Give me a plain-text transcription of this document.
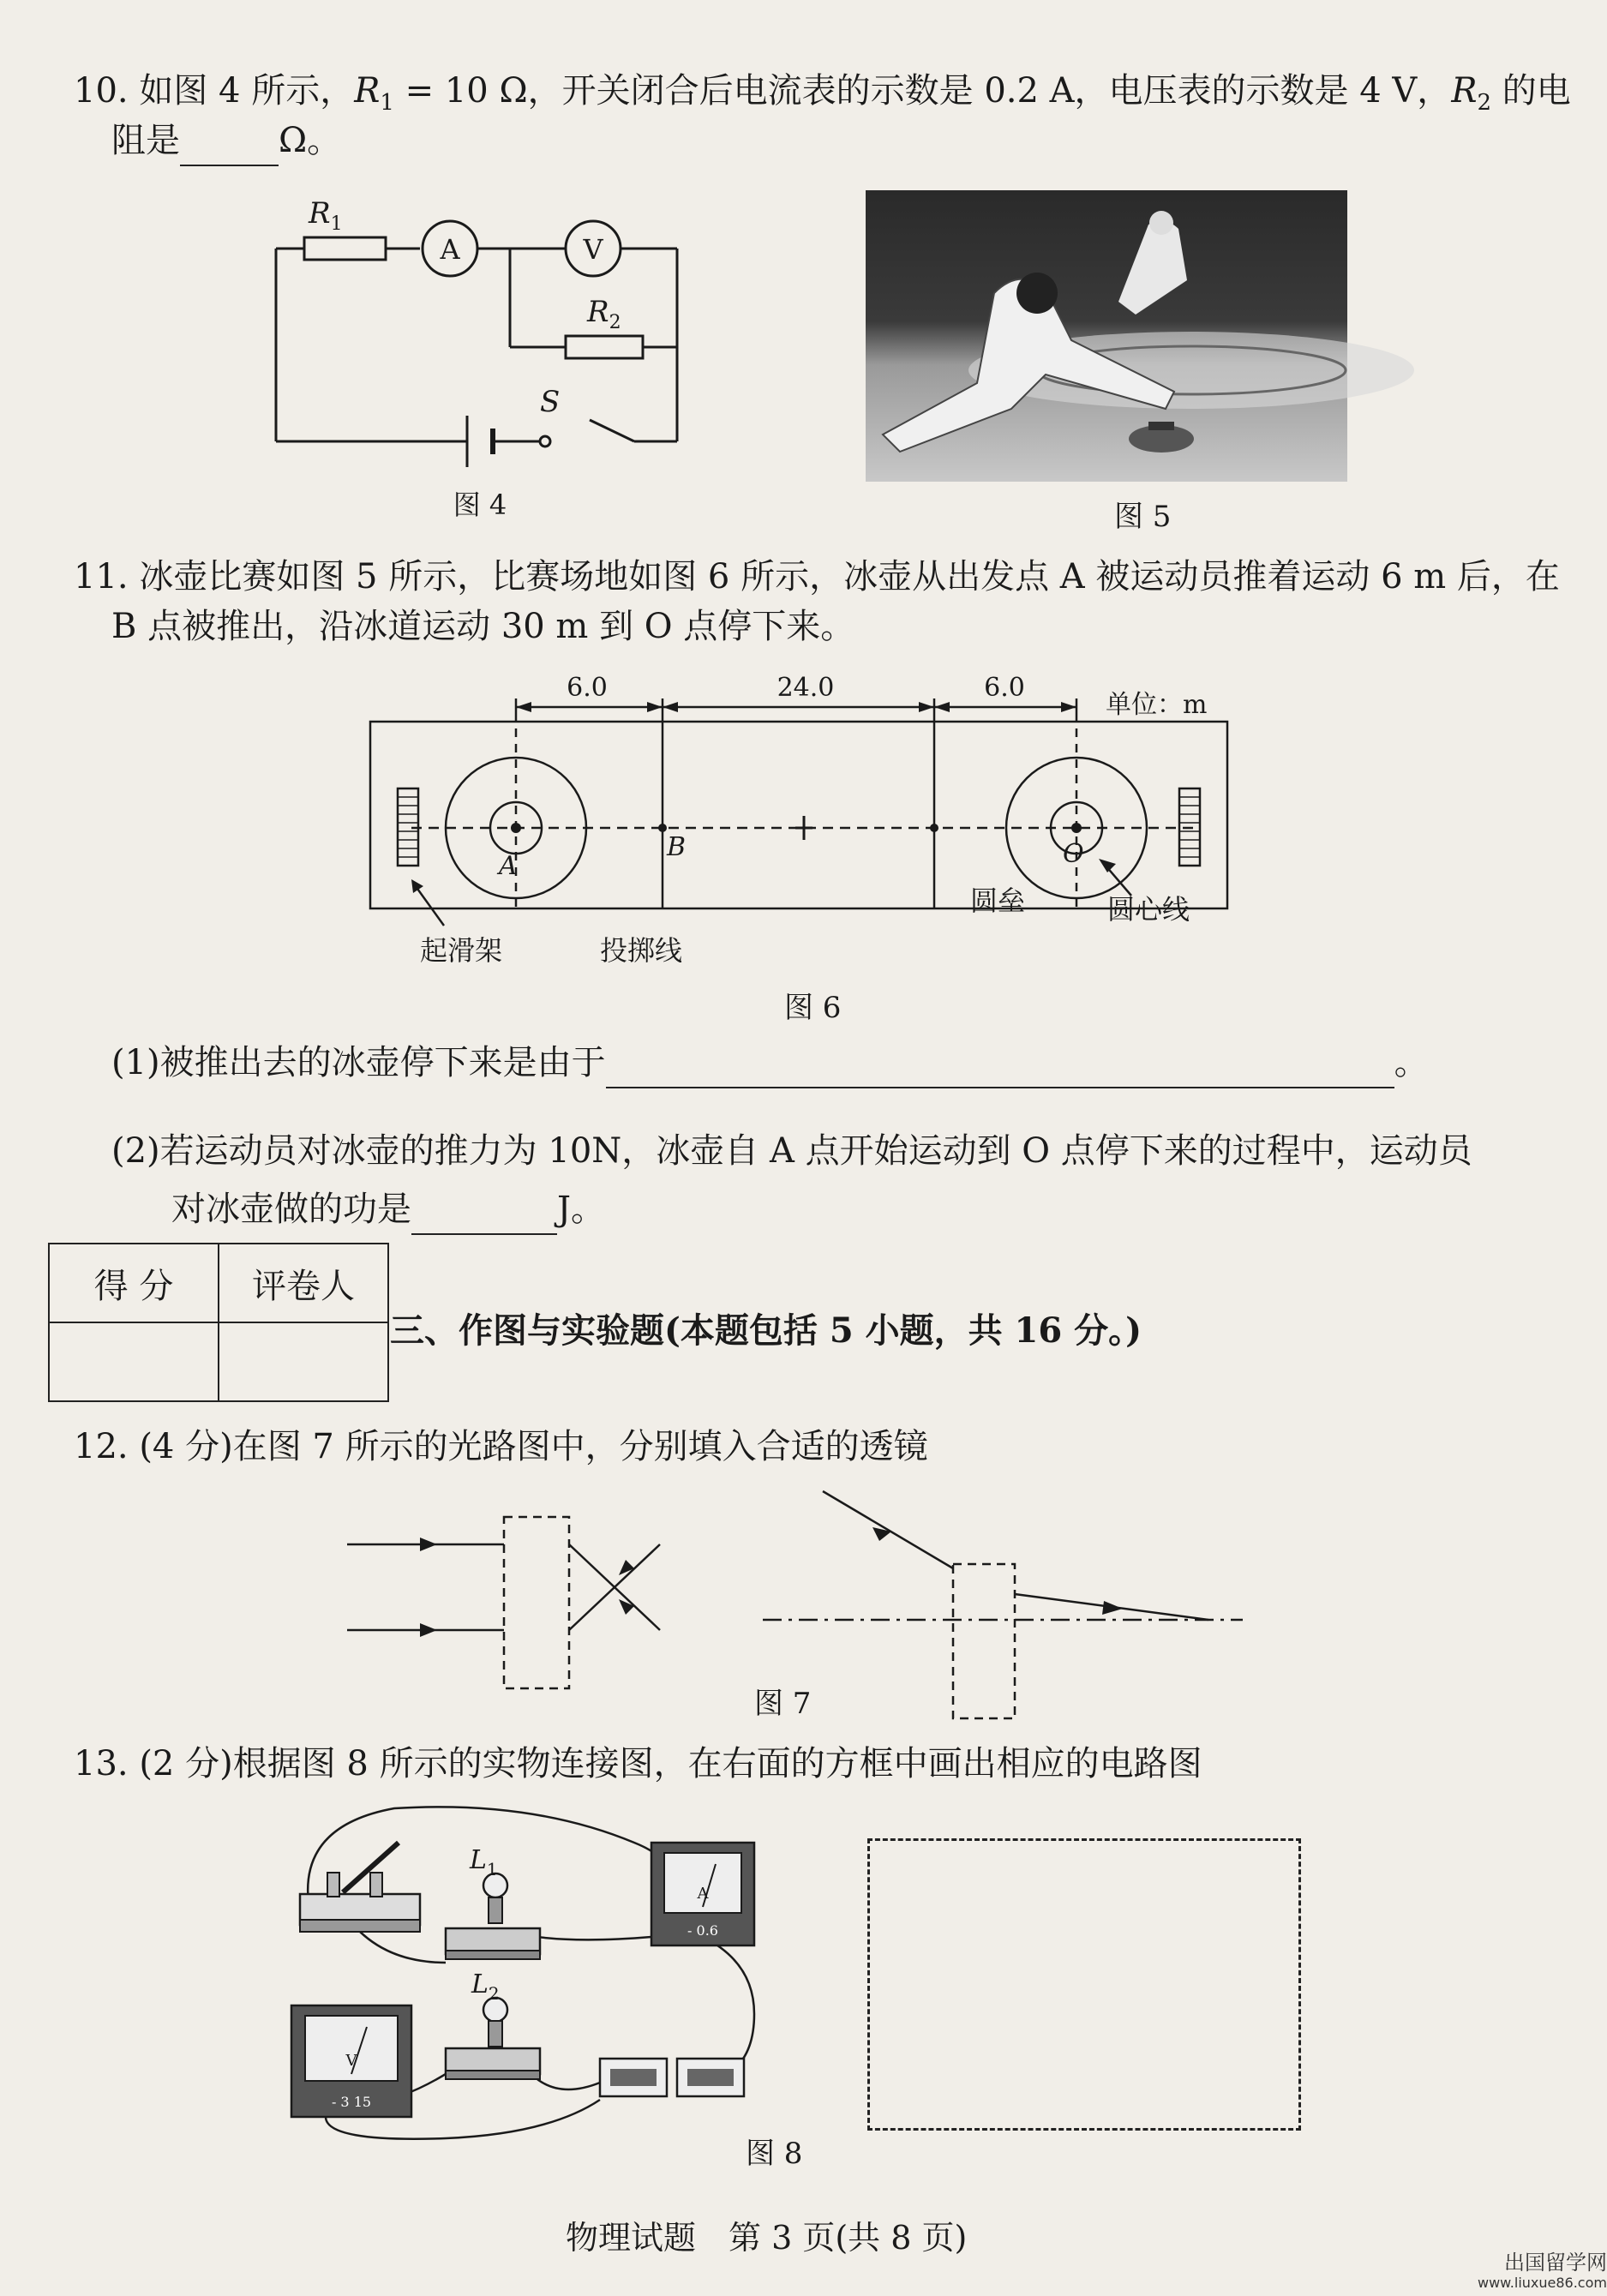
10. 如图 4 所示，$R_1 = 10$ Ω，开关闭合后电流表的示数是 0.2 A，电压表的示数是 4 V，$R_2$ 的电
阻是	Ω。
$R_1$
A	V
$R_2$
S
图 4	图 5
11. 冰壶比赛如图 5 所示，比赛场地如图 6 所示，冰壶从出发点 A 被运动员推着运动 6 m 后，在
B 点被推出，沿冰道运动 30 m 到 O 点停下来。
6.0	24.0	6.0
单位：m
A
B	O
起滑架	投掷线
圆垒	圆心线
图 6
(1)被推出去的冰壶停下来是由于	。
(2)若运动员对冰壶的推力为 10N，冰壶自 A 点开始运动到 O 点停下来的过程中，运动员
对冰壶做的功是	J。
得 分	评卷人

三、作图与实验题(本题包括 5 小题，共 16 分。)
12. (4 分)在图 7 所示的光路图中，分别填入合适的透镜
图 7
13. (2 分)根据图 8 所示的实物连接图，在右面的方框中画出相应的电路图
$L_1$
A
- 0.6
V
- 3 15
$L_2$
图 8
物理试题　第 3 页(共 8 页)
出国留学网
www.liuxue86.com
